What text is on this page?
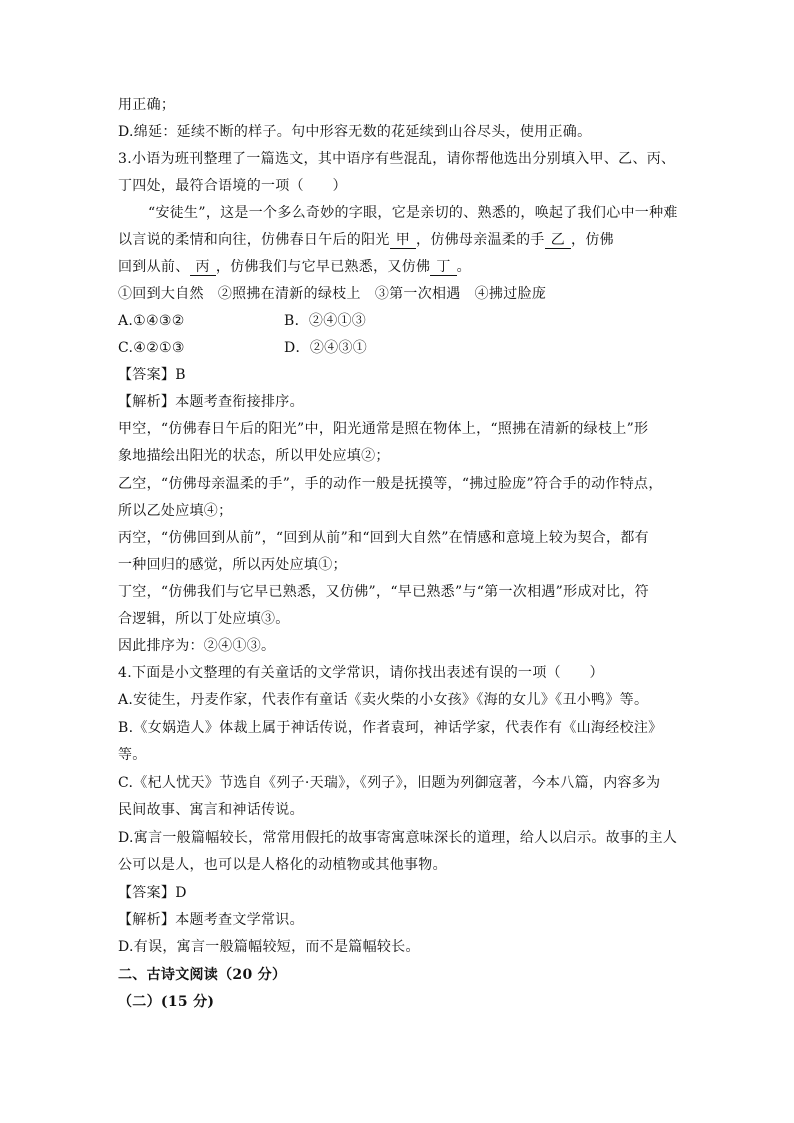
用正确；
D.绵延：延续不断的样子。句中形容无数的花延续到山谷尽头，使用正确。
3.小语为班刊整理了一篇选文，其中语序有些混乱，请你帮他选出分别填入甲、乙、丙、
丁四处，最符合语境的一项（　　）
“安徒生”，这是一个多么奇妙的字眼，它是亲切的、熟悉的，唤起了我们心中一种难
以言说的柔情和向往，仿佛春日午后的阳光 甲 ，仿佛母亲温柔的手 乙 ，仿佛
回到从前、 丙 ，仿佛我们与它早已熟悉，又仿佛 丁 。
①回到大自然 ②照拂在清新的绿枝上 ③第一次相遇 ④拂过脸庞
A.①④③②	B．②④①③
C.④②①③	D．②④③①
【答案】B
【解析】本题考查衔接排序。
甲空，“仿佛春日午后的阳光”中，阳光通常是照在物体上，“照拂在清新的绿枝上”形
象地描绘出阳光的状态，所以甲处应填②；
乙空，“仿佛母亲温柔的手”，手的动作一般是抚摸等，“拂过脸庞”符合手的动作特点，
所以乙处应填④；
丙空，“仿佛回到从前”，“回到从前”和“回到大自然”在情感和意境上较为契合，都有
一种回归的感觉，所以丙处应填①；
丁空，“仿佛我们与它早已熟悉，又仿佛”，“早已熟悉”与“第一次相遇”形成对比，符
合逻辑，所以丁处应填③。
因此排序为：②④①③。
4.下面是小文整理的有关童话的文学常识，请你找出表述有误的一项（　　）
A.安徒生，丹麦作家，代表作有童话《卖火柴的小女孩》《海的女儿》《丑小鸭》等。
B.《女娲造人》体裁上属于神话传说，作者袁珂，神话学家，代表作有《山海经校注》
等。
C.《杞人忧天》节选自《列子·天瑞》，《列子》，旧题为列御寇著，今本八篇，内容多为
民间故事、寓言和神话传说。
D.寓言一般篇幅较长，常常用假托的故事寄寓意味深长的道理，给人以启示。故事的主人
公可以是人，也可以是人格化的动植物或其他事物。
【答案】D
【解析】本题考查文学常识。
D.有误，寓言一般篇幅较短，而不是篇幅较长。
二、古诗文阅读（20 分）
（二）(15 分)
